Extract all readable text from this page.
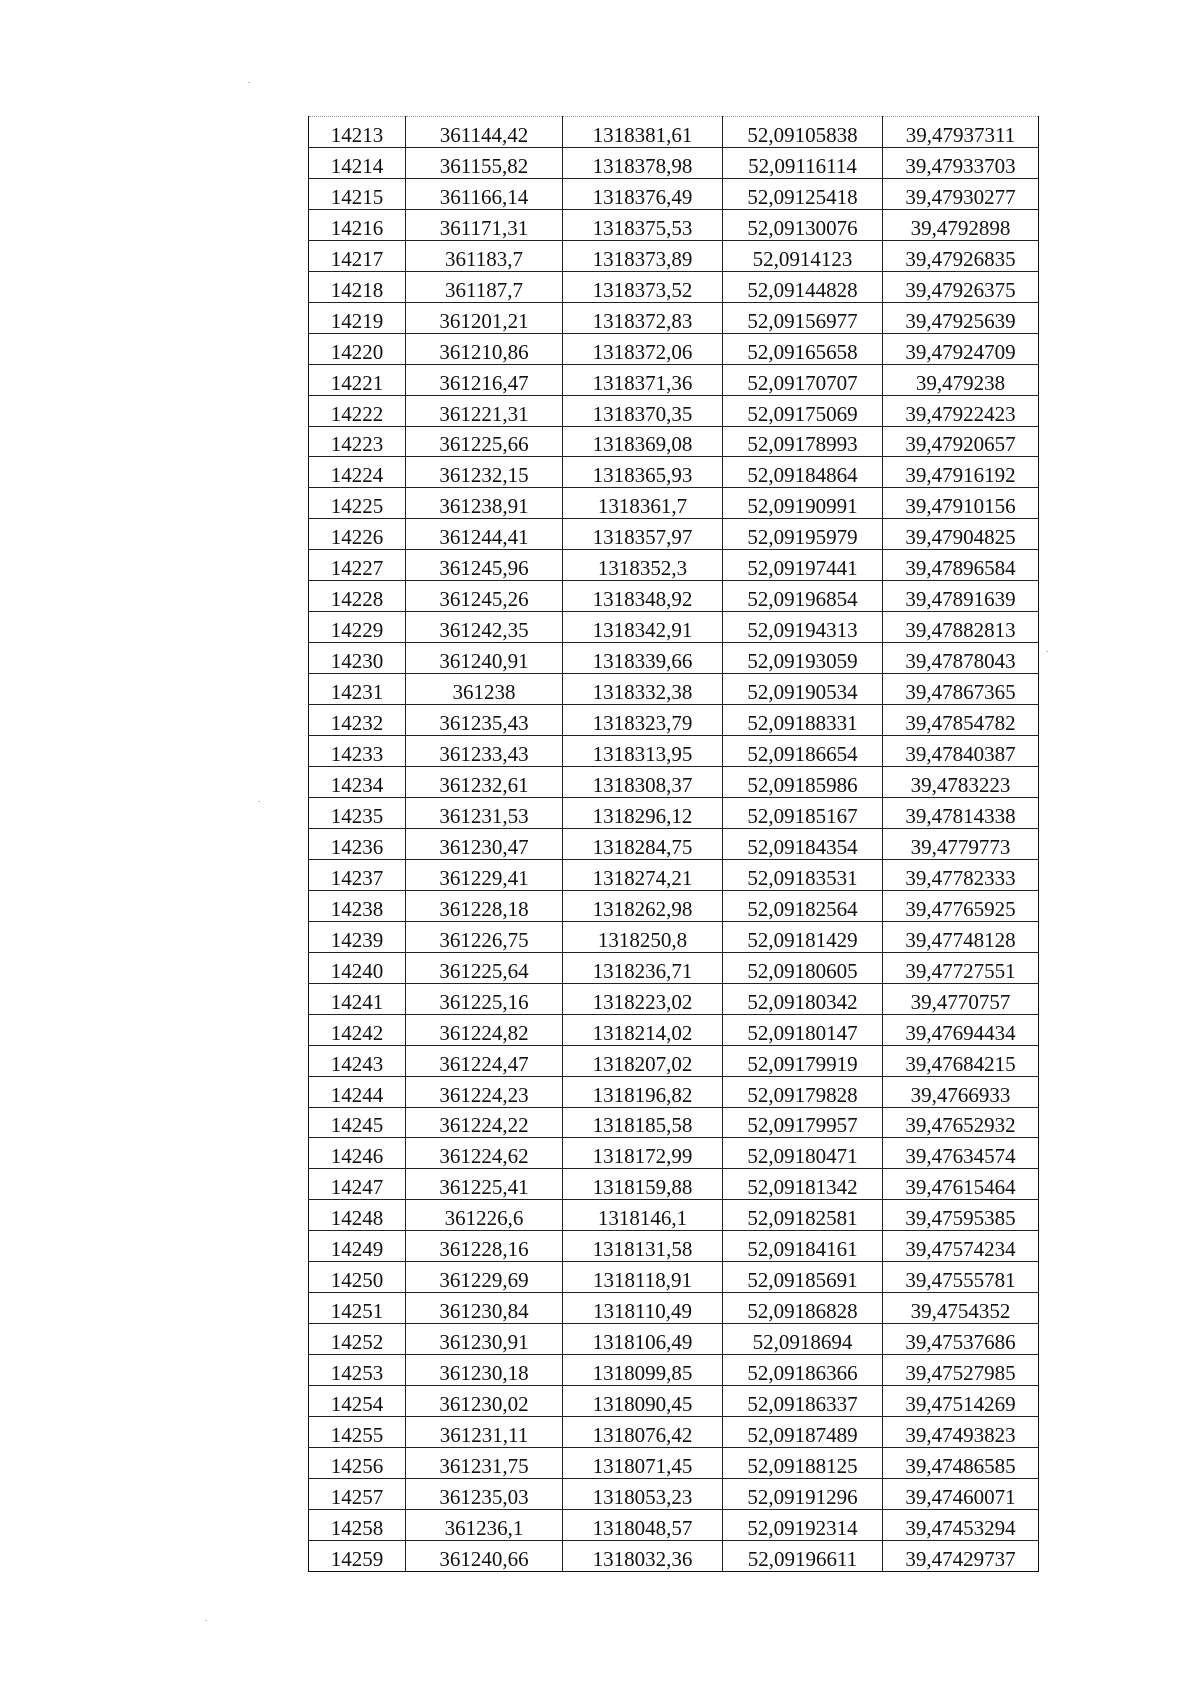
14213	361144,42	1318381,61	52,09105838	39,47937311
14214	361155,82	1318378,98	52,09116114	39,47933703
14215	361166,14	1318376,49	52,09125418	39,47930277
14216	361171,31	1318375,53	52,09130076	39,4792898
14217	361183,7	1318373,89	52,0914123	39,47926835
14218	361187,7	1318373,52	52,09144828	39,47926375
14219	361201,21	1318372,83	52,09156977	39,47925639
14220	361210,86	1318372,06	52,09165658	39,47924709
14221	361216,47	1318371,36	52,09170707	39,479238
14222	361221,31	1318370,35	52,09175069	39,47922423
14223	361225,66	1318369,08	52,09178993	39,47920657
14224	361232,15	1318365,93	52,09184864	39,47916192
14225	361238,91	1318361,7	52,09190991	39,47910156
14226	361244,41	1318357,97	52,09195979	39,47904825
14227	361245,96	1318352,3	52,09197441	39,47896584
14228	361245,26	1318348,92	52,09196854	39,47891639
14229	361242,35	1318342,91	52,09194313	39,47882813
14230	361240,91	1318339,66	52,09193059	39,47878043
14231	361238	1318332,38	52,09190534	39,47867365
14232	361235,43	1318323,79	52,09188331	39,47854782
14233	361233,43	1318313,95	52,09186654	39,47840387
14234	361232,61	1318308,37	52,09185986	39,4783223
14235	361231,53	1318296,12	52,09185167	39,47814338
14236	361230,47	1318284,75	52,09184354	39,4779773
14237	361229,41	1318274,21	52,09183531	39,47782333
14238	361228,18	1318262,98	52,09182564	39,47765925
14239	361226,75	1318250,8	52,09181429	39,47748128
14240	361225,64	1318236,71	52,09180605	39,47727551
14241	361225,16	1318223,02	52,09180342	39,4770757
14242	361224,82	1318214,02	52,09180147	39,47694434
14243	361224,47	1318207,02	52,09179919	39,47684215
14244	361224,23	1318196,82	52,09179828	39,4766933
14245	361224,22	1318185,58	52,09179957	39,47652932
14246	361224,62	1318172,99	52,09180471	39,47634574
14247	361225,41	1318159,88	52,09181342	39,47615464
14248	361226,6	1318146,1	52,09182581	39,47595385
14249	361228,16	1318131,58	52,09184161	39,47574234
14250	361229,69	1318118,91	52,09185691	39,47555781
14251	361230,84	1318110,49	52,09186828	39,4754352
14252	361230,91	1318106,49	52,0918694	39,47537686
14253	361230,18	1318099,85	52,09186366	39,47527985
14254	361230,02	1318090,45	52,09186337	39,47514269
14255	361231,11	1318076,42	52,09187489	39,47493823
14256	361231,75	1318071,45	52,09188125	39,47486585
14257	361235,03	1318053,23	52,09191296	39,47460071
14258	361236,1	1318048,57	52,09192314	39,47453294
14259	361240,66	1318032,36	52,09196611	39,47429737
